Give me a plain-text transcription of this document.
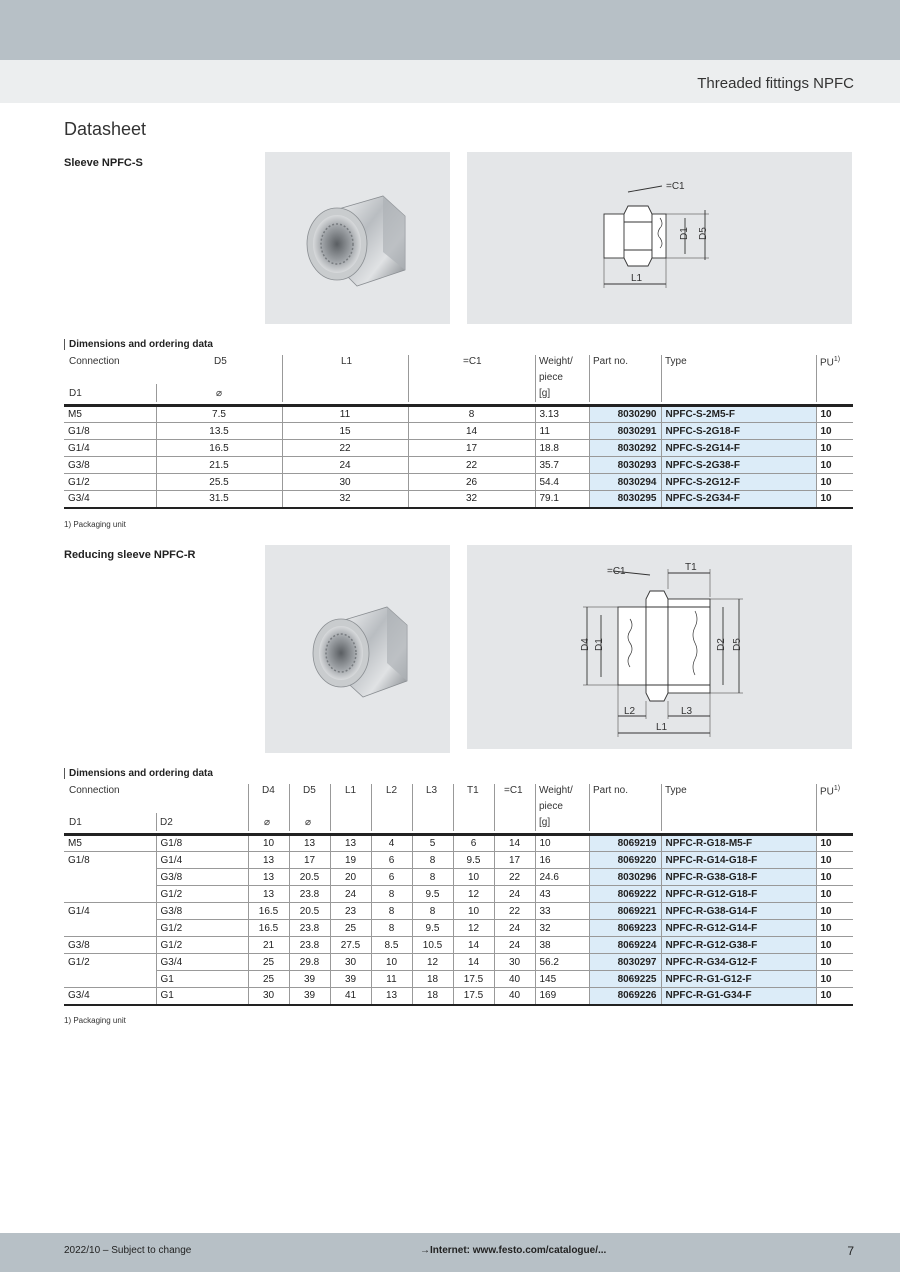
Threaded fittings NPFC
Datasheet
Sleeve NPFC-S
=C1
D1 D5
L1
Dimensions and ordering data
Connection
D1
D5
⌀
L1	=C1	Weight/
piece
[g]
Part no.	Type	PU$^{1)}$
M5	7.5	11	8	3.13	8030290	NPFC-S-2M5-F	10
G1/8	13.5	15	14	11	8030291	NPFC-S-2G18-F	10
G1/4	16.5	22	17	18.8	8030292	NPFC-S-2G14-F	10
G3/8	21.5	24	22	35.7	8030293	NPFC-S-2G38-F	10
G1/2	25.5	30	26	54.4	8030294	NPFC-S-2G12-F	10
G3/4	31.5	32	32	79.1	8030295	NPFC-S-2G34-F	10
1) Packaging unit
Reducing sleeve NPFC-R
=C1	T1
D4 D1	D2 D5
L2	L3
L1
Dimensions and ordering data
Connection
D1	D2
D4
⌀
D5
⌀
L1	L2	L3	T1	=C1 Weight/
piece
[g]
Part no.	Type	PU$^{1)}$
M5	G1/8	10	13	13	4	5	6	14	10	8069219	NPFC-R-G18-M5-F	10
G1/8	G1/4	13	17	19	6	8	9.5	17	16	8069220	NPFC-R-G14-G18-F	10
	G3/8	13	20.5	20	6	8	10	22	24.6	8030296	NPFC-R-G38-G18-F	10
	G1/2	13	23.8	24	8	9.5	12	24	43	8069222	NPFC-R-G12-G18-F	10
G1/4	G3/8	16.5	20.5	23	8	8	10	22	33	8069221	NPFC-R-G38-G14-F	10
	G1/2	16.5	23.8	25	8	9.5	12	24	32	8069223	NPFC-R-G12-G14-F	10
G3/8	G1/2	21	23.8	27.5	8.5	10.5	14	24	38	8069224	NPFC-R-G12-G38-F	10
G1/2	G3/4	25	29.8	30	10	12	14	30	56.2	8030297	NPFC-R-G34-G12-F	10
	G1	25	39	39	11	18	17.5	40	145	8069225	NPFC-R-G1-G12-F	10
G3/4	G1	30	39	41	13	18	17.5	40	169	8069226	NPFC-R-G1-G34-F	10
1) Packaging unit
2022/10 – Subject to change	→Internet: www.festo.com/catalogue/...	7
